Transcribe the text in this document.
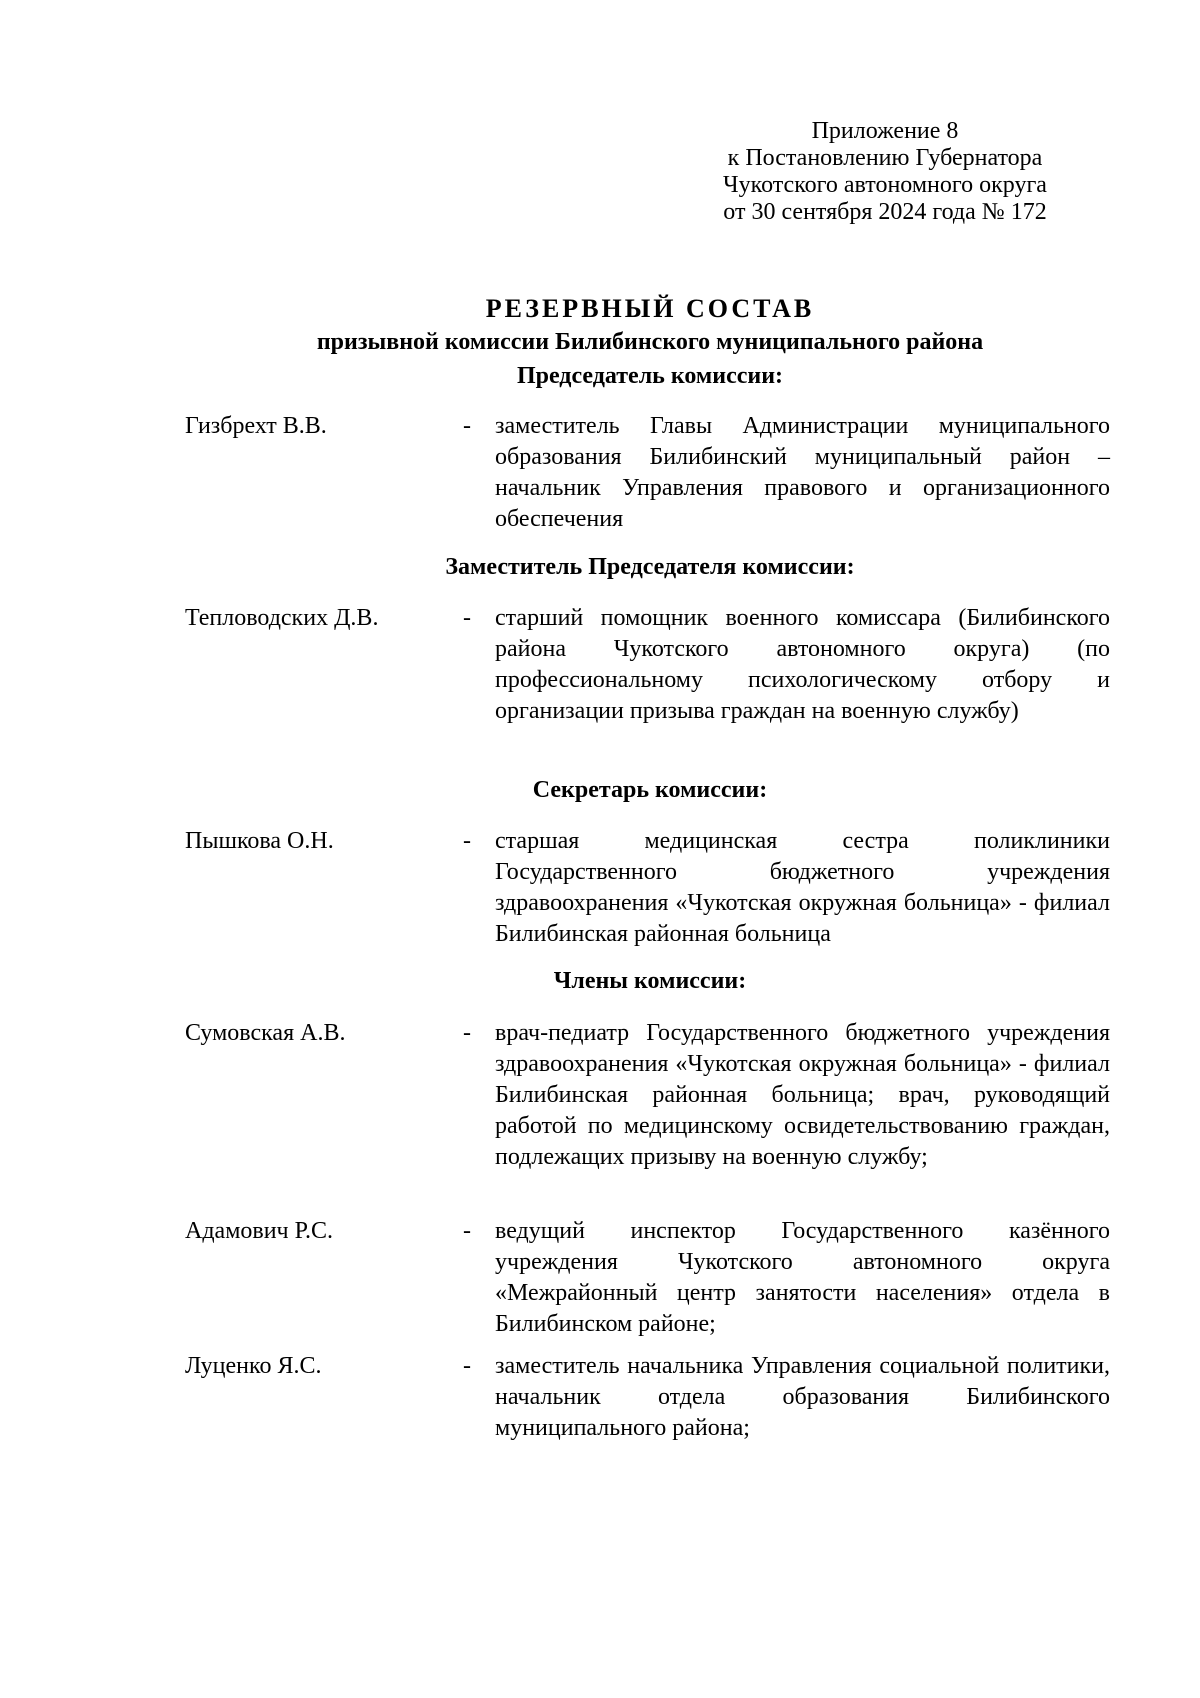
Приложение 8
к Постановлению Губернатора
Чукотского автономного округа
от 30 сентября 2024 года № 172
РЕЗЕРВНЫЙ СОСТАВ
призывной комиссии Билибинского муниципального района
Председатель комиссии:
Гизбрехт В.В.	- заместитель Главы Администрации муниципального образования Билибинский муниципальный район – начальник Управления правового и организационного обеспечения
Заместитель Председателя комиссии:
Тепловодских Д.В.	- старший помощник военного комиссара (Билибинского района Чукотского автономного округа) (по профессиональному психологическому отбору и организации призыва граждан на военную службу)
Секретарь комиссии:
Пышкова О.Н.	- старшая медицинская сестра поликлиники Государственного бюджетного учреждения здравоохранения «Чукотская окружная больница» - филиал Билибинская районная больница
Члены комиссии:
Сумовская А.В.	- врач-педиатр Государственного бюджетного учреждения здравоохранения «Чукотская окружная больница» - филиал Билибинская районная больница; врач, руководящий работой по медицинскому освидетельствованию граждан, подлежащих призыву на военную службу;
Адамович Р.С.	- ведущий инспектор Государственного казённого учреждения Чукотского автономного округа «Межрайонный центр занятости населения» отдела в Билибинском районе;
Луценко Я.С.	- заместитель начальника Управления социальной политики, начальник отдела образования Билибинского муниципального района;
